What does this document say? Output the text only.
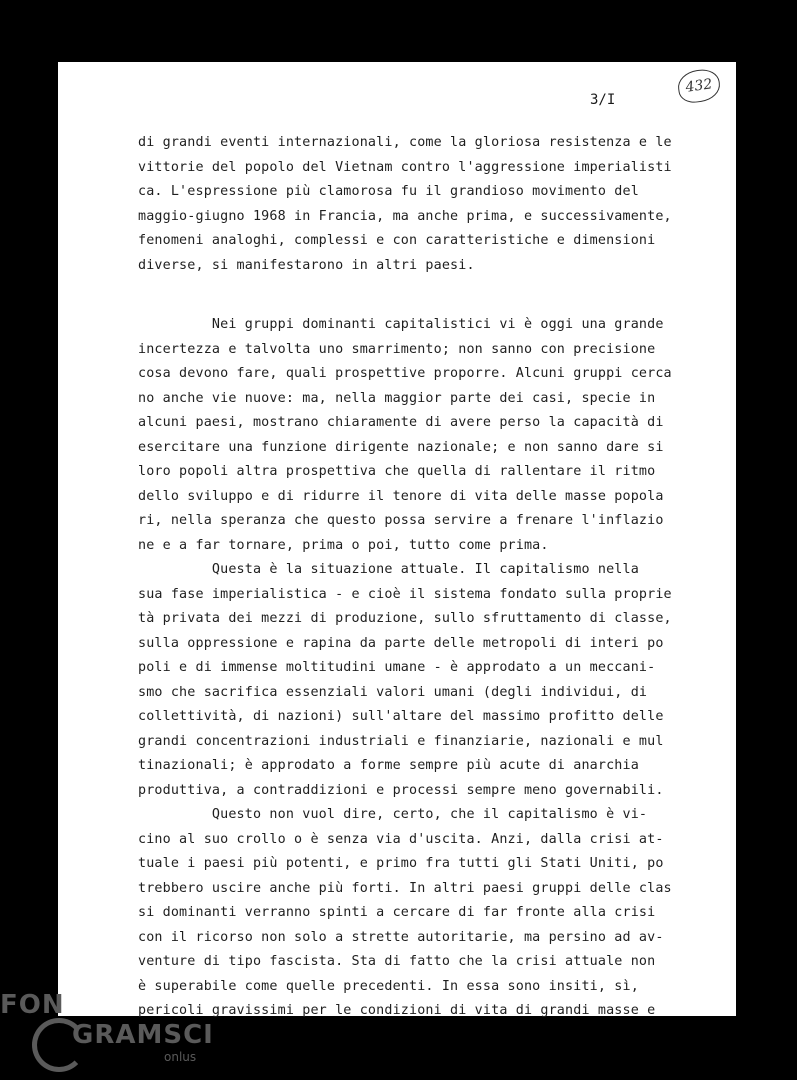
432
3/I
di grandi eventi internazionali, come la gloriosa resistenza e le
vittorie del popolo del Vietnam contro l'aggressione imperialisti
ca. L'espressione più clamorosa fu il grandioso movimento del
maggio-giugno 1968 in Francia, ma anche prima, e successivamente,
fenomeni analoghi, complessi e con caratteristiche e dimensioni
diverse, si manifestarono in altri paesi.
Nei gruppi dominanti capitalistici vi è oggi una grande
incertezza e talvolta uno smarrimento; non sanno con precisione
cosa devono fare, quali prospettive proporre. Alcuni gruppi cerca
no anche vie nuove: ma, nella maggior parte dei casi, specie in
alcuni paesi, mostrano chiaramente di avere perso la capacità di
esercitare una funzione dirigente nazionale; e non sanno dare si
loro popoli altra prospettiva che quella di rallentare il ritmo
dello sviluppo e di ridurre il tenore di vita delle masse popola
ri, nella speranza che questo possa servire a frenare l'inflazio
ne e a far tornare, prima o poi, tutto come prima.
Questa è la situazione attuale. Il capitalismo nella
sua fase imperialistica - e cioè il sistema fondato sulla proprie
tà privata dei mezzi di produzione, sullo sfruttamento di classe,
sulla oppressione e rapina da parte delle metropoli di interi po
poli e di immense moltitudini umane - è approdato a un meccani-
smo che sacrifica essenziali valori umani (degli individui, di
collettività, di nazioni) sull'altare del massimo profitto delle
grandi concentrazioni industriali e finanziarie, nazionali e mul
tinazionali; è approdato a forme sempre più acute di anarchia
produttiva, a contraddizioni e processi sempre meno governabili.
Questo non vuol dire, certo, che il capitalismo è vi-
cino al suo crollo o è senza via d'uscita. Anzi, dalla crisi at-
tuale i paesi più potenti, e primo fra tutti gli Stati Uniti, po
trebbero uscire anche più forti. In altri paesi gruppi delle clas
si dominanti verranno spinti a cercare di far fronte alla crisi
con il ricorso non solo a strette autoritarie, ma persino ad av-
venture di tipo fascista. Sta di fatto che la crisi attuale non
è superabile come quelle precedenti. In essa sono insiti, sì,
pericoli gravissimi per le condizioni di vita di grandi masse e
FON
GRAMSCI
onlus
